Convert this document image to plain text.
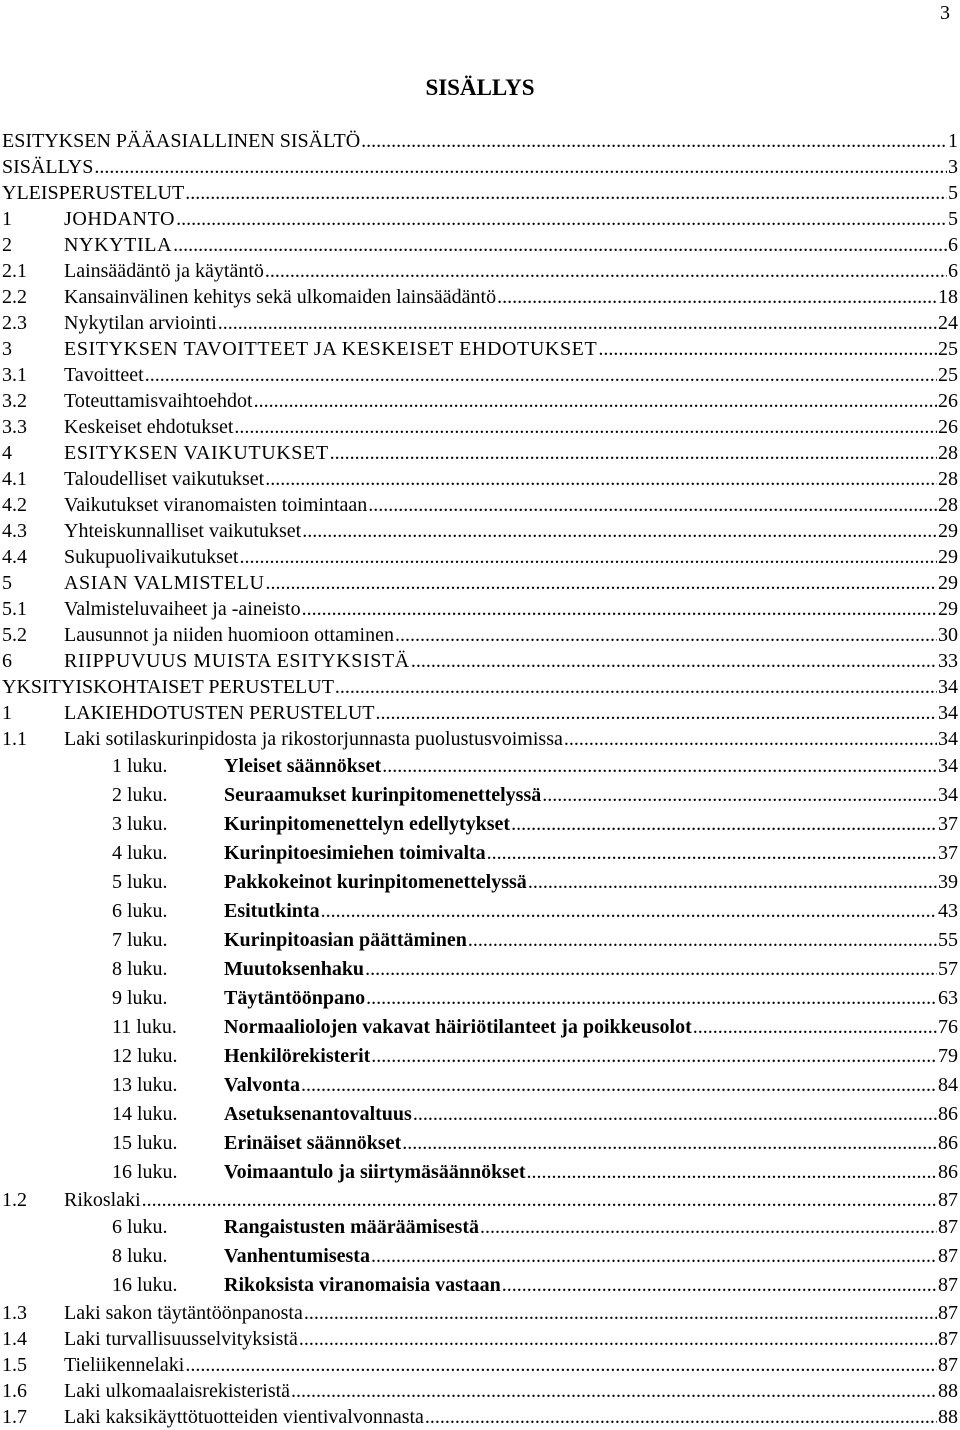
3
SISÄLLYS
ESITYKSEN PÄÄASIALLINEN SISÄLTÖ .....	1
SISÄLLYS .....	3
YLEISPERUSTELUT .....	5
1	JOHDANTO .....	5
2	NYKYTILA .....	6
2.1 Lainsäädäntö ja käytäntö .....	6
2.2 Kansainvälinen kehitys sekä ulkomaiden lainsäädäntö .....	18
2.3 Nykytilan arviointi .....	24
3	ESITYKSEN TAVOITTEET JA KESKEISET EHDOTUKSET .....	25
3.1 Tavoitteet .....	25
3.2 Toteuttamisvaihtoehdot .....	26
3.3 Keskeiset ehdotukset .....	26
4	ESITYKSEN VAIKUTUKSET .....	28
4.1 Taloudelliset vaikutukset .....	28
4.2 Vaikutukset viranomaisten toimintaan .....	28
4.3 Yhteiskunnalliset vaikutukset .....	29
4.4 Sukupuolivaikutukset .....	29
5	ASIAN VALMISTELU .....	29
5.1 Valmisteluvaiheet ja -aineisto .....	29
5.2 Lausunnot ja niiden huomioon ottaminen .....	30
6	RIIPPUVUUS MUISTA ESITYKSISTÄ .....	33
YKSITYISKOHTAISET PERUSTELUT .....	34
1	LAKIEHDOTUSTEN PERUSTELUT .....	34
1.1 Laki sotilaskurinpidosta ja rikostorjunnasta puolustusvoimissa .....	34
1 luku.	Yleiset säännökset .....	34
2 luku.	Seuraamukset kurinpitomenettelyssä .....	34
3 luku.	Kurinpitomenettelyn edellytykset .....	37
4 luku.	Kurinpitoesimiehen toimivalta .....	37
5 luku.	Pakkokeinot kurinpitomenettelyssä .....	39
6 luku.	Esitutkinta .....	43
7 luku.	Kurinpitoasian päättäminen .....	55
8 luku.	Muutoksenhaku .....	57
9 luku.	Täytäntöönpano .....	63
11 luku. Normaaliolojen vakavat häiriötilanteet ja poikkeusolot .....	76
12 luku. Henkilörekisterit .....	79
13 luku. Valvonta .....	84
14 luku. Asetuksenantovaltuus .....	86
15 luku. Erinäiset säännökset .....	86
16 luku. Voimaantulo ja siirtymäsäännökset .....	86
1.2 Rikoslaki .....	87
6 luku.	Rangaistusten määräämisestä .....	87
8 luku.	Vanhentumisesta .....	87
16 luku. Rikoksista viranomaisia vastaan .....	87
1.3 Laki sakon täytäntöönpanosta .....	87
1.4 Laki turvallisuusselvityksistä .....	87
1.5 Tieliikennelaki .....	87
1.6 Laki ulkomaalaisrekisteristä .....	88
1.7 Laki kaksikäyttötuotteiden vientivalvonnasta .....	88
